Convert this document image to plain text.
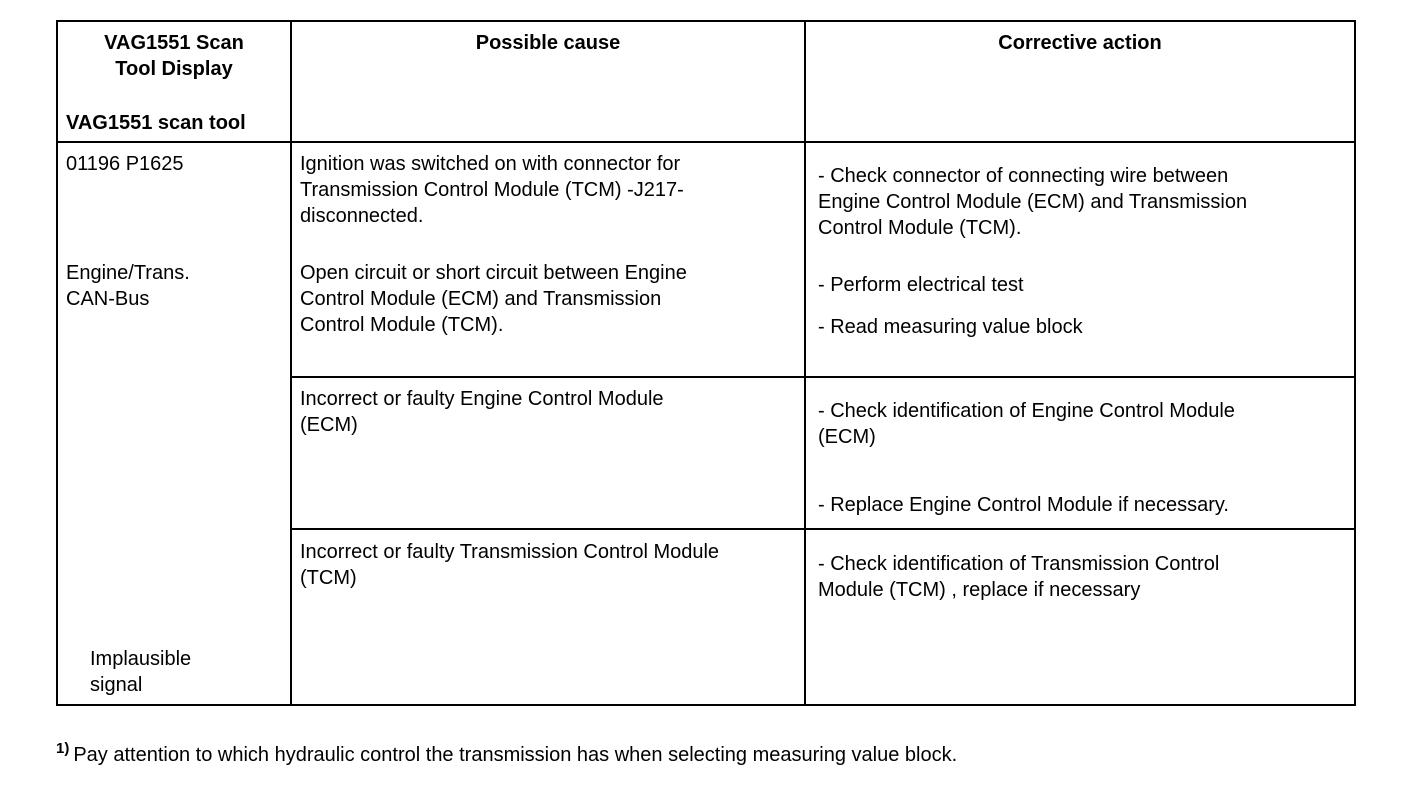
VAG1551 Scan
Tool Display
VAG1551 scan tool
Possible cause	Corrective action
01196 P1625
Engine/Trans.
CAN-Bus
Implausible
signal
Ignition was switched on with connector for
Transmission Control Module (TCM) -J217-
disconnected.
- Check connector of connecting wire between
Engine Control Module (ECM) and Transmission
Control Module (TCM).
Open circuit or short circuit between Engine
Control Module (ECM) and Transmission
Control Module (TCM).
- Perform electrical test
- Read measuring value block
Incorrect or faulty Engine Control Module
(ECM)
- Check identification of Engine Control Module
(ECM)
- Replace Engine Control Module if necessary.
Incorrect or faulty Transmission Control Module
(TCM)
- Check identification of Transmission Control
Module (TCM) , replace if necessary
$^{1)}$ Pay attention to which hydraulic control the transmission has when selecting measuring value block.
